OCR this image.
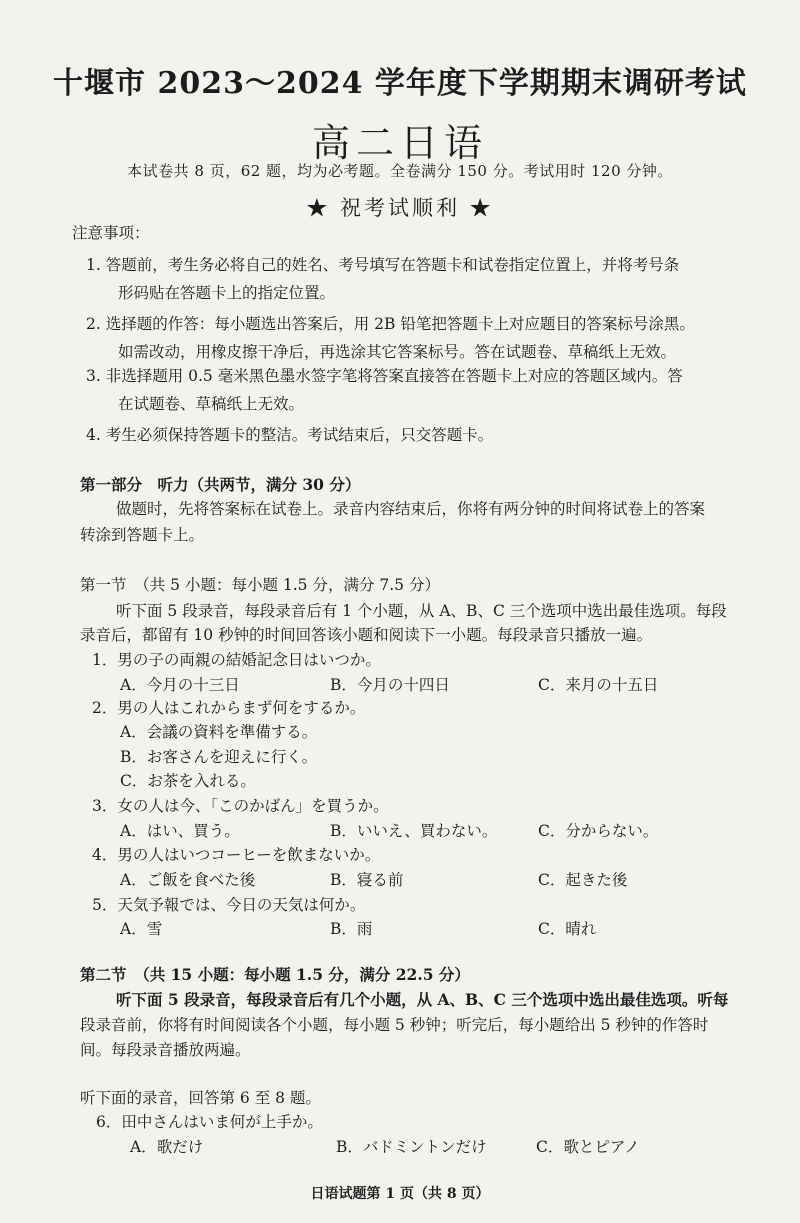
十堰市 2023～2024 学年度下学期期末调研考试
高二日语
本试卷共 8 页，62 题，均为必考题。全卷满分 150 分。考试用时 120 分钟。
★ 祝考试顺利 ★
注意事项：
1. 答题前，考生务必将自己的姓名、考号填写在答题卡和试卷指定位置上，并将考号条
形码贴在答题卡上的指定位置。
2. 选择题的作答：每小题选出答案后，用 2B 铅笔把答题卡上对应题目的答案标号涂黑。
如需改动，用橡皮擦干净后，再选涂其它答案标号。答在试题卷、草稿纸上无效。
3. 非选择题用 0.5 毫米黑色墨水签字笔将答案直接答在答题卡上对应的答题区域内。答
在试题卷、草稿纸上无效。
4. 考生必须保持答题卡的整洁。考试结束后，只交答题卡。
第一部分　听力（共两节，满分 30 分）
做题时，先将答案标在试卷上。录音内容结束后，你将有两分钟的时间将试卷上的答案
转涂到答题卡上。
第一节　（共 5 小题：每小题 1.5 分，满分 7.5 分）
听下面 5 段录音，每段录音后有 1 个小题，从 A、B、C 三个选项中选出最佳选项。每段
录音后，都留有 10 秒钟的时间回答该小题和阅读下一小题。每段录音只播放一遍。
1．男の子の両親の結婚記念日はいつか。
A．今月の十三日	B．今月の十四日	C．来月の十五日
2．男の人はこれからまず何をするか。
A．会議の資料を準備する。
B．お客さんを迎えに行く。
C．お茶を入れる。
3．女の人は今、「このかばん」を買うか。
A．はい、買う。	B．いいえ、買わない。	C．分からない。
4．男の人はいつコーヒーを飲まないか。
A．ご飯を食べた後	B．寝る前	C．起きた後
5．天気予報では、今日の天気は何か。
A．雪	B．雨	C．晴れ
第二节　（共 15 小题：每小题 1.5 分，满分 22.5 分）
听下面 5 段录音，每段录音后有几个小题，从 A、B、C 三个选项中选出最佳选项。听每
段录音前，你将有时间阅读各个小题，每小题 5 秒钟；听完后，每小题给出 5 秒钟的作答时
间。每段录音播放两遍。
听下面的录音，回答第 6 至 8 题。
6．田中さんはいま何が上手か。
A．歌だけ	B．バドミントンだけ	C．歌とピアノ
日语试题第 1 页（共 8 页）
